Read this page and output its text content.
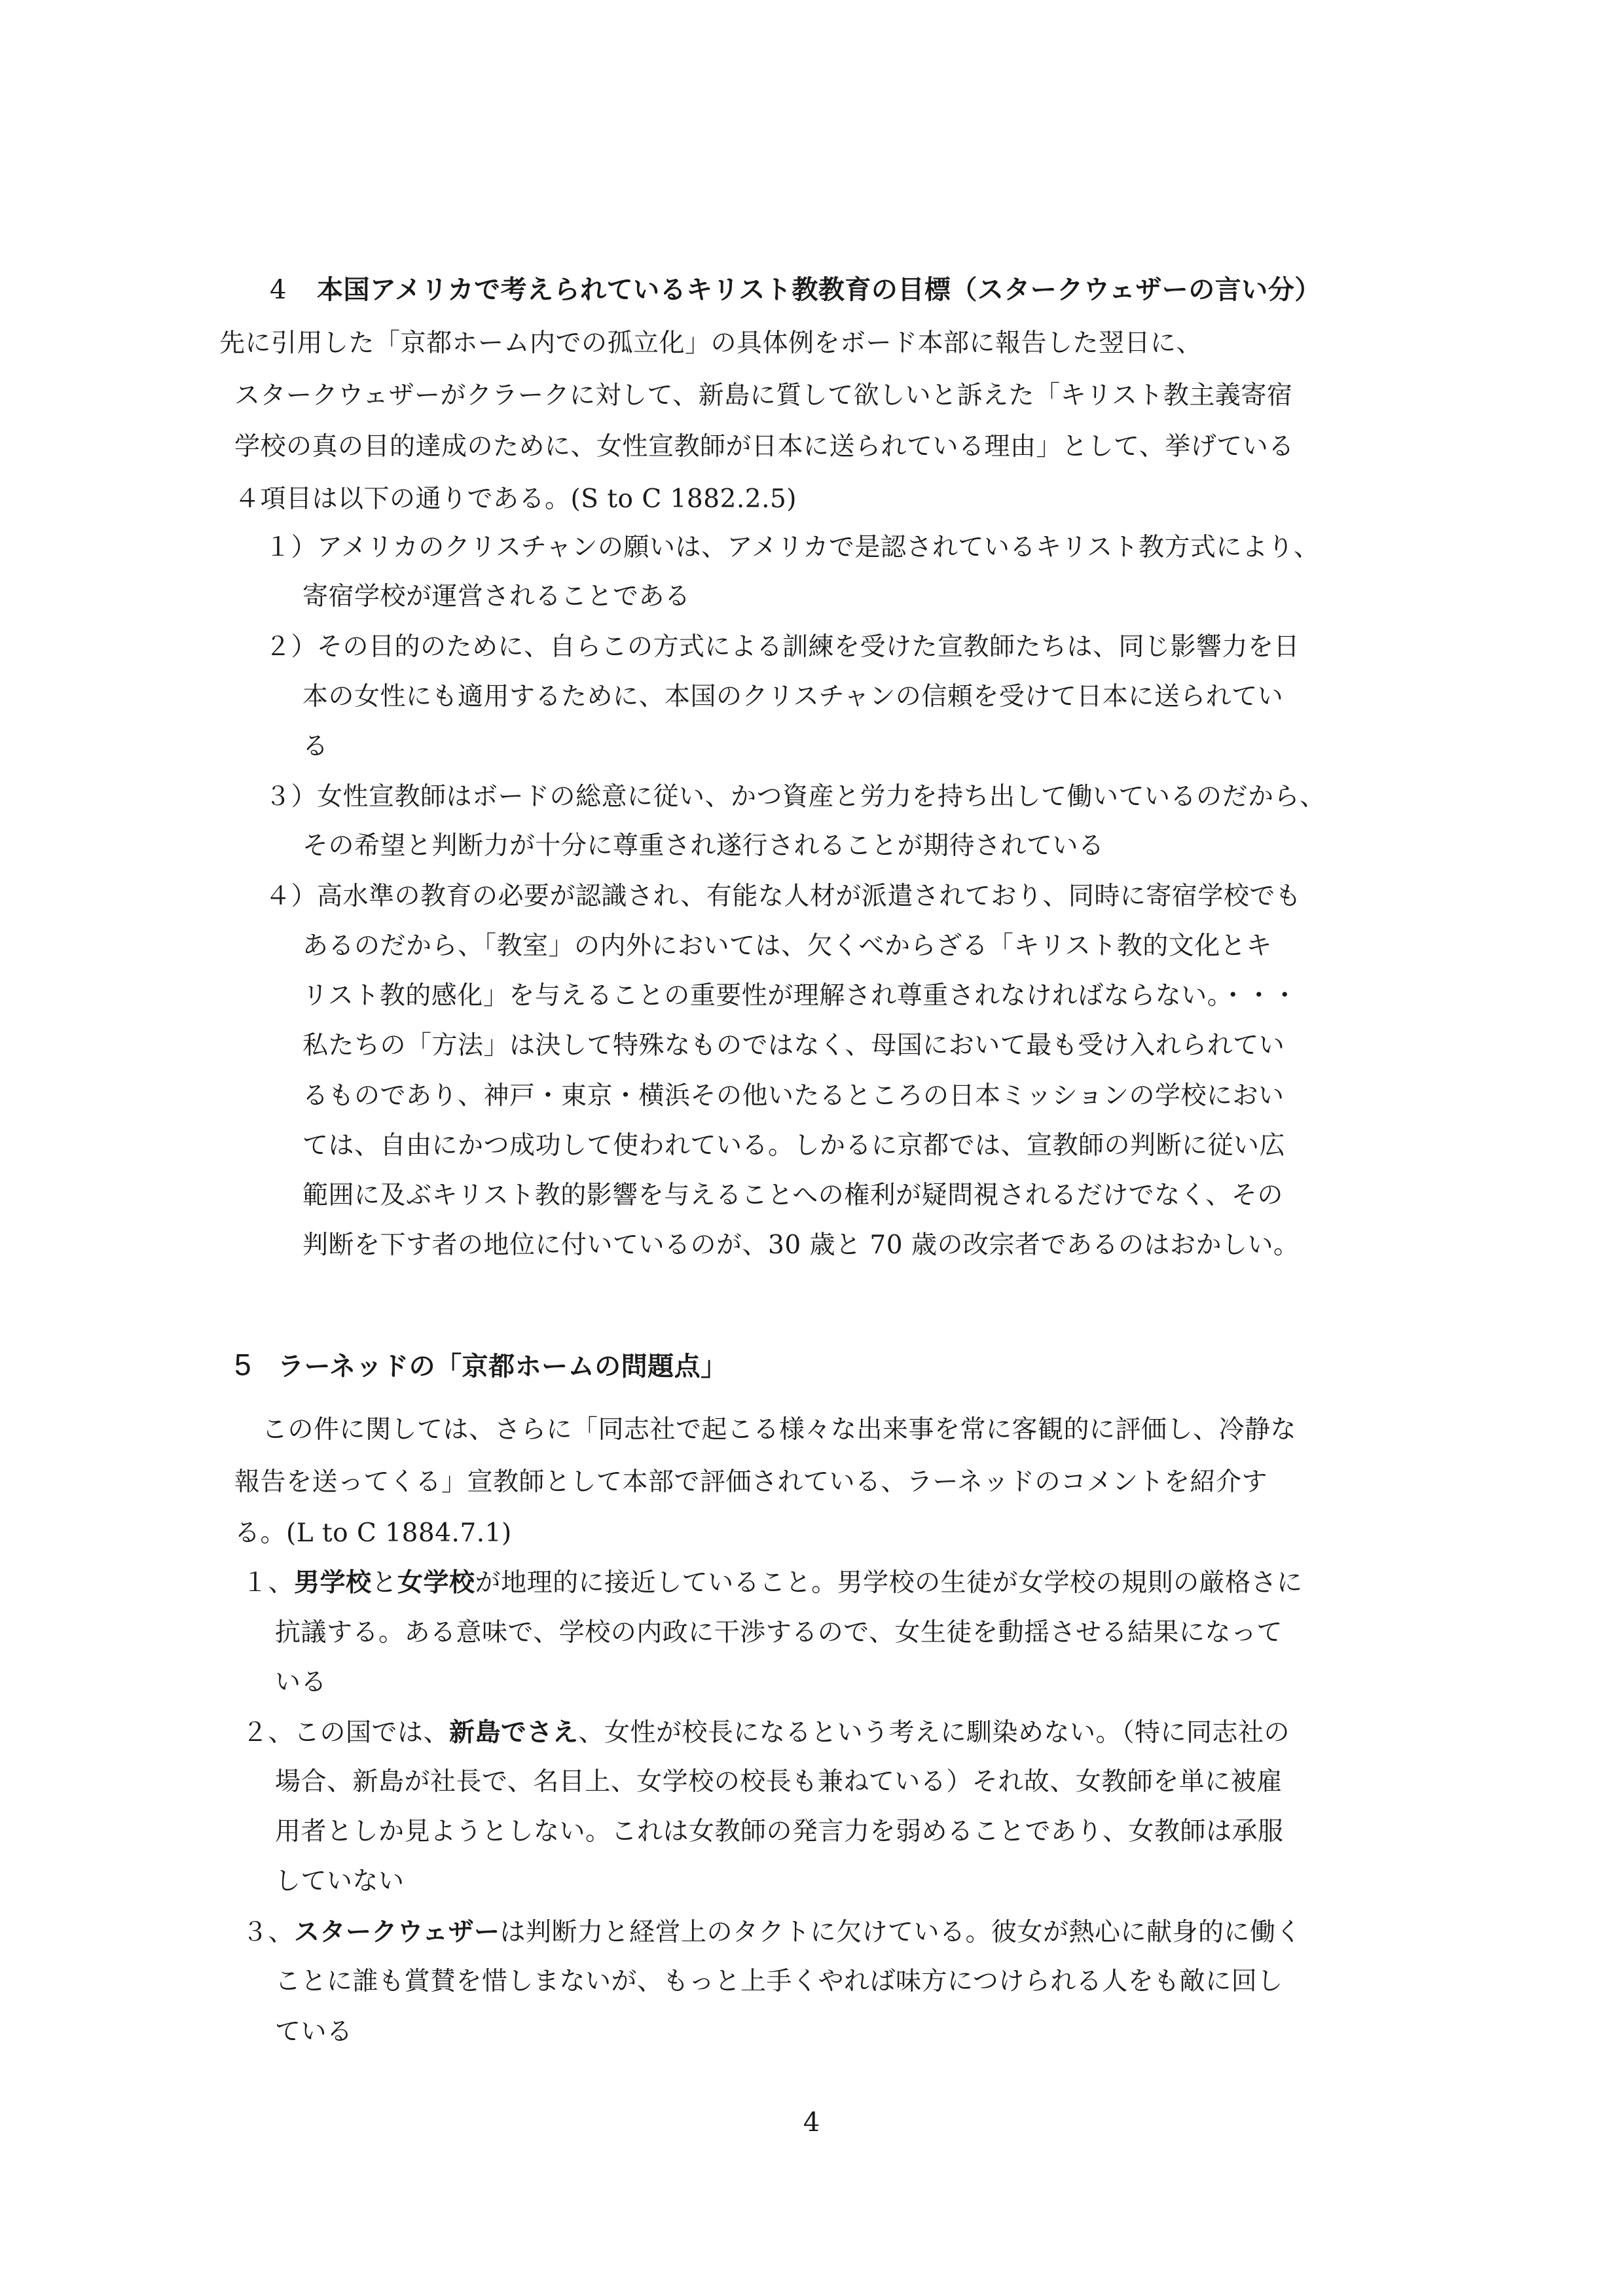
4 本国アメリカで考えられているキリスト教教育の目標（スタークウェザーの言い分）
先に引用した「京都ホーム内での孤立化」の具体例をボード本部に報告した翌日に、
スタークウェザーがクラークに対して、新島に質して欲しいと訴えた「キリスト教主義寄宿
学校の真の目的達成のために、女性宣教師が日本に送られている理由」として、挙げている
４項目は以下の通りである。(S to C 1882.2.5)
１）アメリカのクリスチャンの願いは、アメリカで是認されているキリスト教方式により、
寄宿学校が運営されることである
２）その目的のために、自らこの方式による訓練を受けた宣教師たちは、同じ影響力を日
本の女性にも適用するために、本国のクリスチャンの信頼を受けて日本に送られてい
る
３）女性宣教師はボードの総意に従い、かつ資産と労力を持ち出して働いているのだから、
その希望と判断力が十分に尊重され遂行されることが期待されている
４）高水準の教育の必要が認識され、有能な人材が派遣されており、同時に寄宿学校でも
あるのだから、「教室」の内外においては、欠くべからざる「キリスト教的文化とキ
リスト教的感化」を与えることの重要性が理解され尊重されなければならない。・・・
私たちの「方法」は決して特殊なものではなく、母国において最も受け入れられてい
るものであり、神戸・東京・横浜その他いたるところの日本ミッションの学校におい
ては、自由にかつ成功して使われている。しかるに京都では、宣教師の判断に従い広
範囲に及ぶキリスト教的影響を与えることへの権利が疑問視されるだけでなく、その
判断を下す者の地位に付いているのが、30 歳と 70 歳の改宗者であるのはおかしい。
5 ラーネッドの「京都ホームの問題点」
この件に関しては、さらに「同志社で起こる様々な出来事を常に客観的に評価し、冷静な
報告を送ってくる」宣教師として本部で評価されている、ラーネッドのコメントを紹介す
る。(L to C 1884.7.1)
１、男学校と女学校が地理的に接近していること。男学校の生徒が女学校の規則の厳格さに
抗議する。ある意味で、学校の内政に干渉するので、女生徒を動揺させる結果になって
いる
２、この国では、新島でさえ、女性が校長になるという考えに馴染めない。（特に同志社の
場合、新島が社長で、名目上、女学校の校長も兼ねている）それ故、女教師を単に被雇
用者としか見ようとしない。これは女教師の発言力を弱めることであり、女教師は承服
していない
３、スタークウェザーは判断力と経営上のタクトに欠けている。彼女が熱心に献身的に働く
ことに誰も賞賛を惜しまないが、もっと上手くやれば味方につけられる人をも敵に回し
ている
4
